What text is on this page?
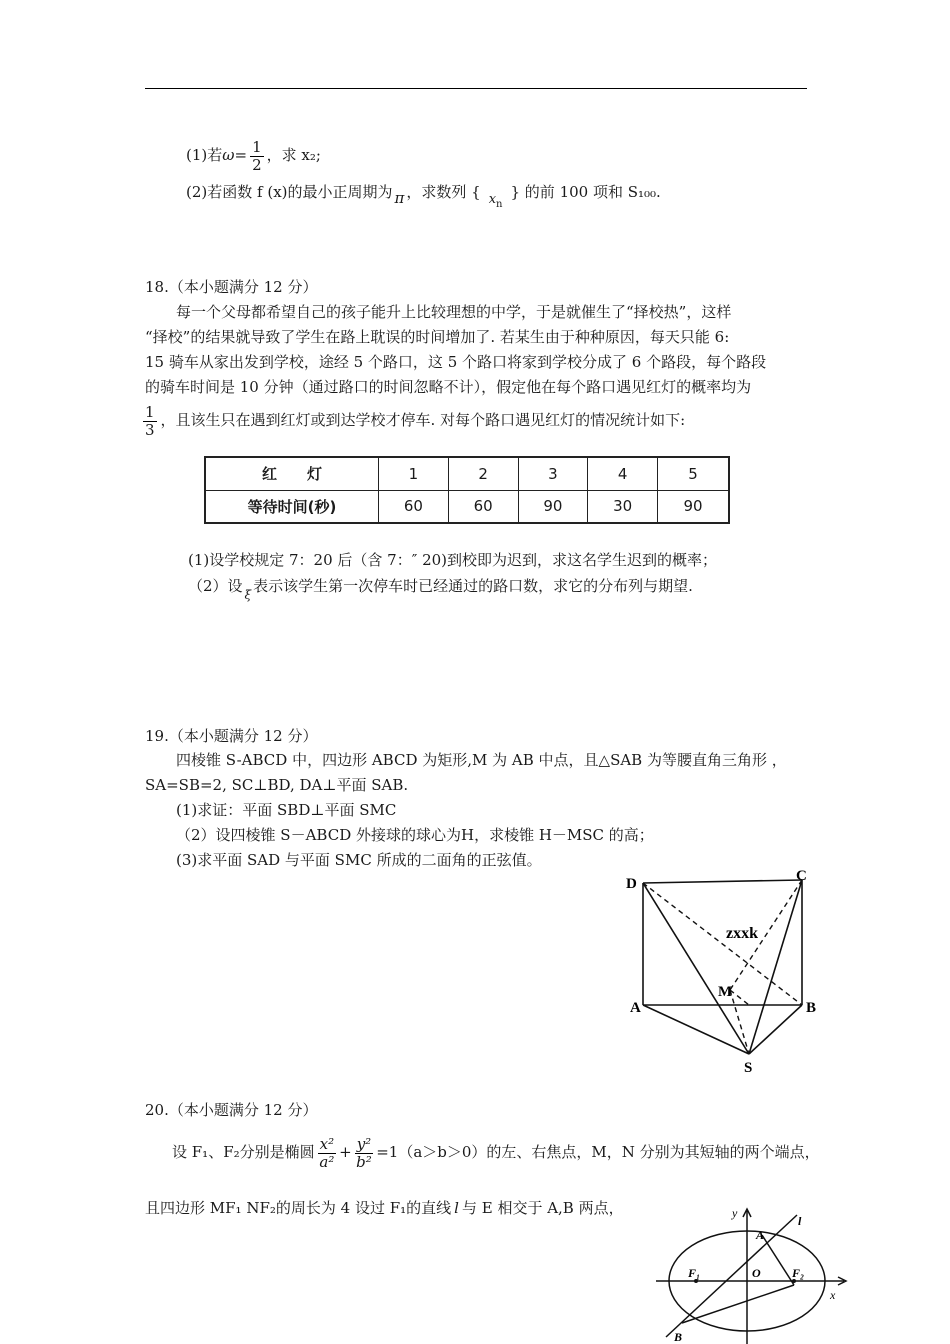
(1)若$\omega= \frac{1}{2}$ ，求 x₂;
(2)若函数 f (x)的最小正周期为 π ，求数列 { $x_n$} 的前 100 项和 S₁₀₀.
18.（本小题满分 12 分）
每一个父母都希望自己的孩子能升上比较理想的中学，于是就催生了“择校热”，这样
“择校”的结果就导致了学生在路上耽误的时间增加了. 若某生由于种种原因，每天只能 6:
15 骑车从家出发到学校，途经 5 个路口，这 5 个路口将家到学校分成了 6 个路段，每个路段
的骑车时间是 10 分钟（通过路口的时间忽略不计），假定他在每个路口遇见红灯的概率均为
$\frac{1}{3}$ ，且该生只在遇到红灯或到达学校才停车. 对每个路口遇见红灯的情况统计如下:
红　　灯	1	2	3	4	5
等待时间(秒)	60	60	90	30	90
(1)设学校规定 7：20 后（含 7：″ 20)到校即为迟到，求这名学生迟到的概率；
（2）设 $_\xi$ 表示该学生第一次停车时已经通过的路口数，求它的分布列与期望.
19.（本小题满分 12 分）
四棱锥 S-ABCD 中，四边形 ABCD 为矩形,M 为 AB 中点，且△SAB 为等腰直角三角形 ，
SA=SB=2, SC⊥BD, DA⊥平面 SAB.
(1)求证：平面 SBD⊥平面 SMC
（2）设四棱锥 S－ABCD 外接球的球心为H，求棱锥 H－MSC 的高；
(3)求平面 SAD 与平面 SMC 所成的二面角的正弦值。
D	C
A	B
M
S
zxxk
20.（本小题满分 12 分）
设 F₁、F₂分别是椭圆 $\frac{\text{x²}}{\text{a²}} + \frac{\text{y²}}{\text{b²}} =1(a>b>0)$的左、右焦点，M，N 分别为其短轴的两个端点，
且四边形 MF₁ NF₂的周长为 4 设过 F₁的直线 l 与 E 相交于 A,B 两点，	y
x
A
B
F₁	F₂
O
l
